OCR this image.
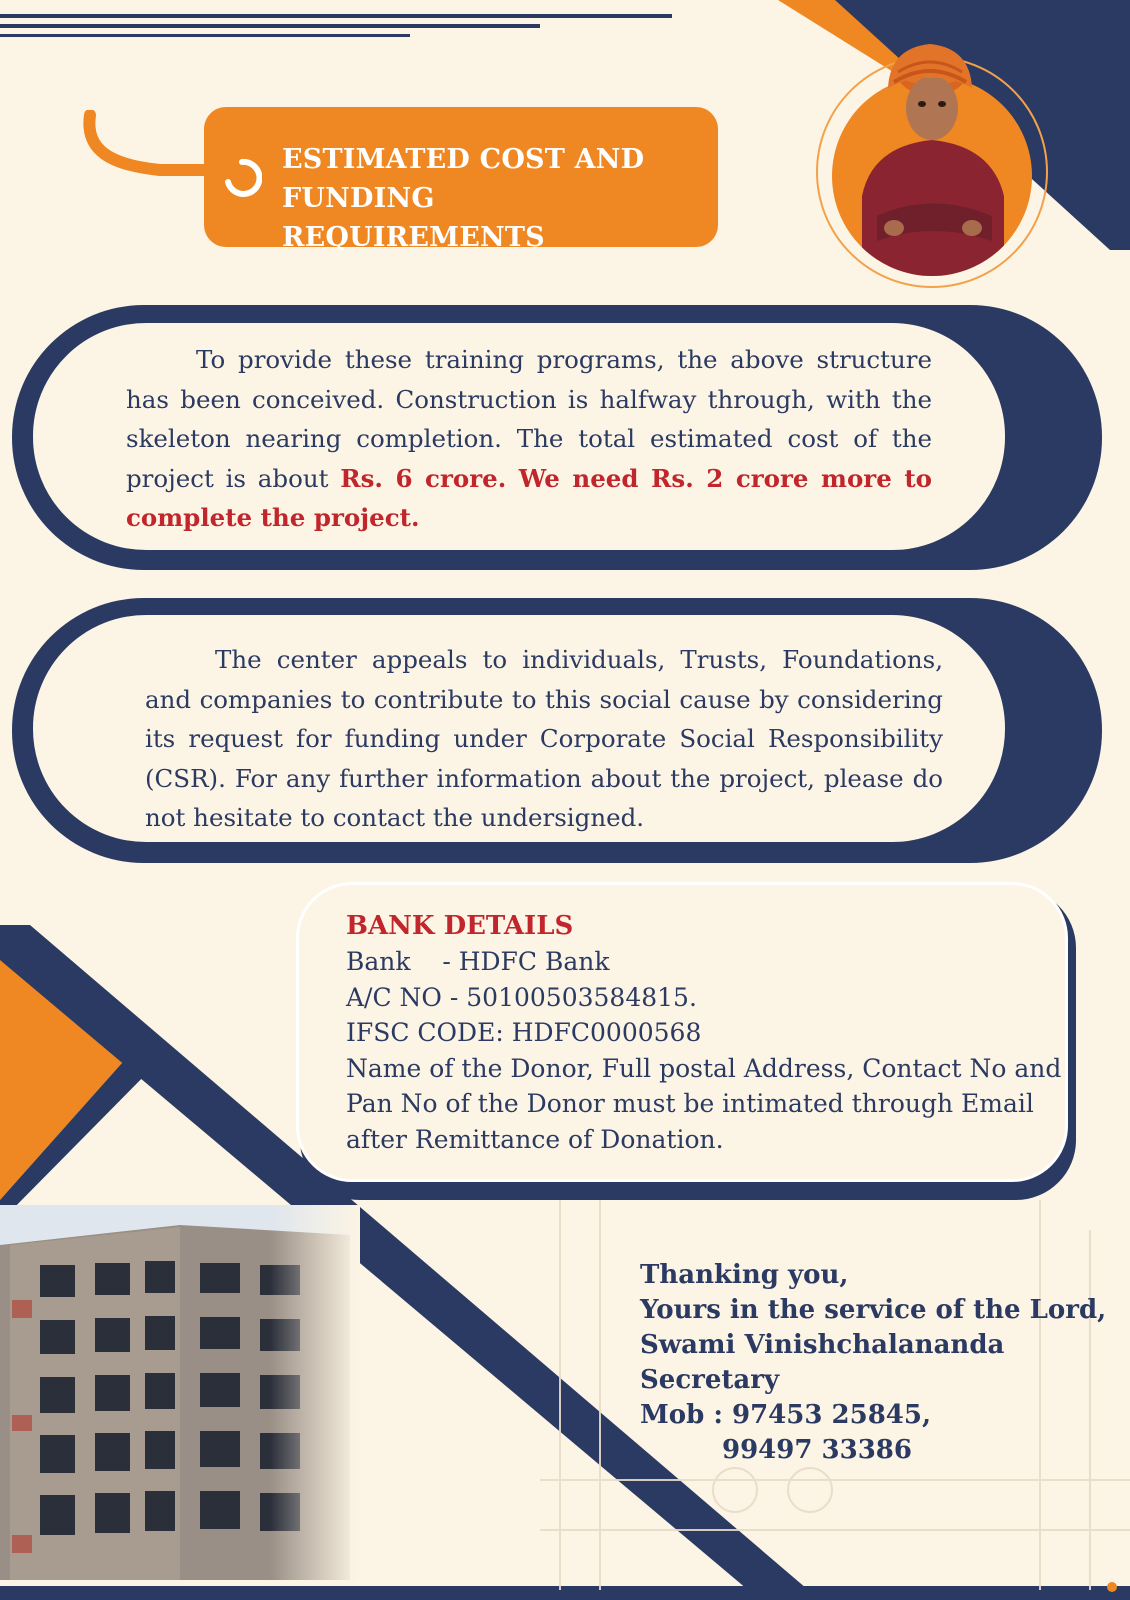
ESTIMATED COST AND
FUNDING REQUIREMENTS

To provide these training programs, the above structure has been conceived. Construction is halfway through, with the skeleton nearing completion. The total estimated cost of the project is about Rs. 6 crore. We need Rs. 2 crore more to complete the project.

The center appeals to individuals, Trusts, Foundations, and companies to contribute to this social cause by considering its request for funding under Corporate Social Responsibility (CSR). For any further information about the project, please do not hesitate to contact the undersigned.

BANK DETAILS
Bank    - HDFC Bank
A/C NO - 50100503584815.
IFSC CODE: HDFC0000568
Name of the Donor, Full postal Address, Contact No and
Pan No of the Donor must be intimated through Email
after Remittance of Donation.
Thanking you,
Yours in the service of the Lord,
Swami Vinishchalananda
Secretary
Mob : 97453 25845,
99497 33386
